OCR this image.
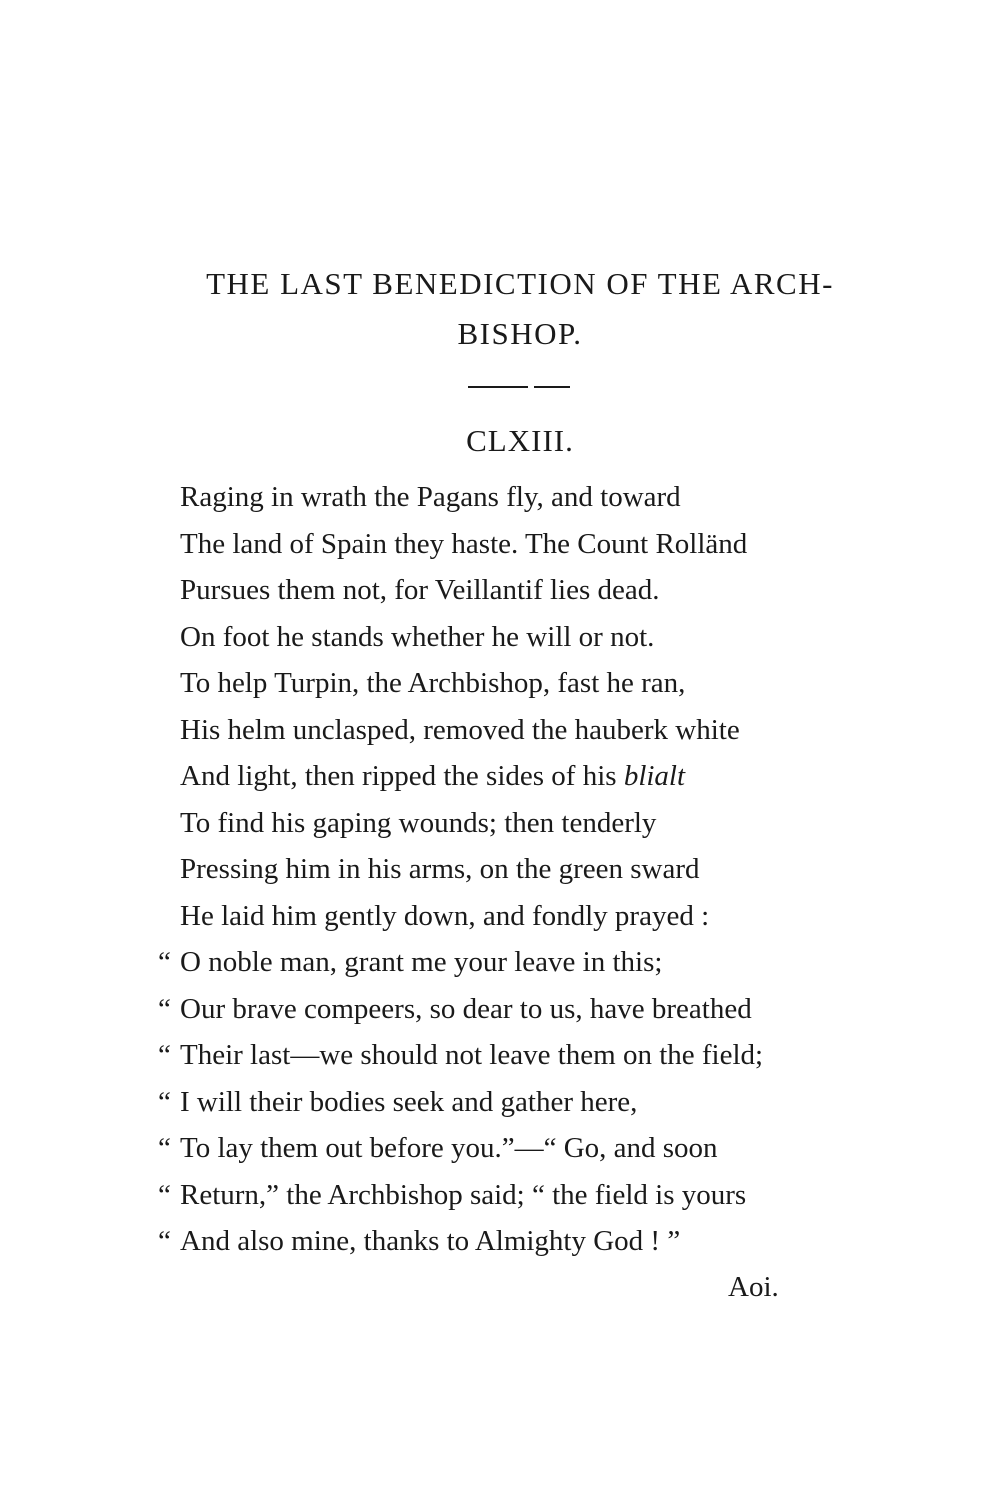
THE LAST BENEDICTION OF THE ARCH-
BISHOP.
CLXIII.
Raging in wrath the Pagans fly, and toward
The land of Spain they haste. The Count Rolländ
Pursues them not, for Veillantif lies dead.
On foot he stands whether he will or not.
To help Turpin, the Archbishop, fast he ran,
His helm unclasped, removed the hauberk white
And light, then ripped the sides of his blialt
To find his gaping wounds; then tenderly
Pressing him in his arms, on the green sward
He laid him gently down, and fondly prayed :
“ O noble man, grant me your leave in this;
“ Our brave compeers, so dear to us, have breathed
“ Their last—we should not leave them on the field;
“ I will their bodies seek and gather here,
“ To lay them out before you.”—“ Go, and soon
“ Return,” the Archbishop said; “ the field is yours
“ And also mine, thanks to Almighty God ! ”
Aoi.
